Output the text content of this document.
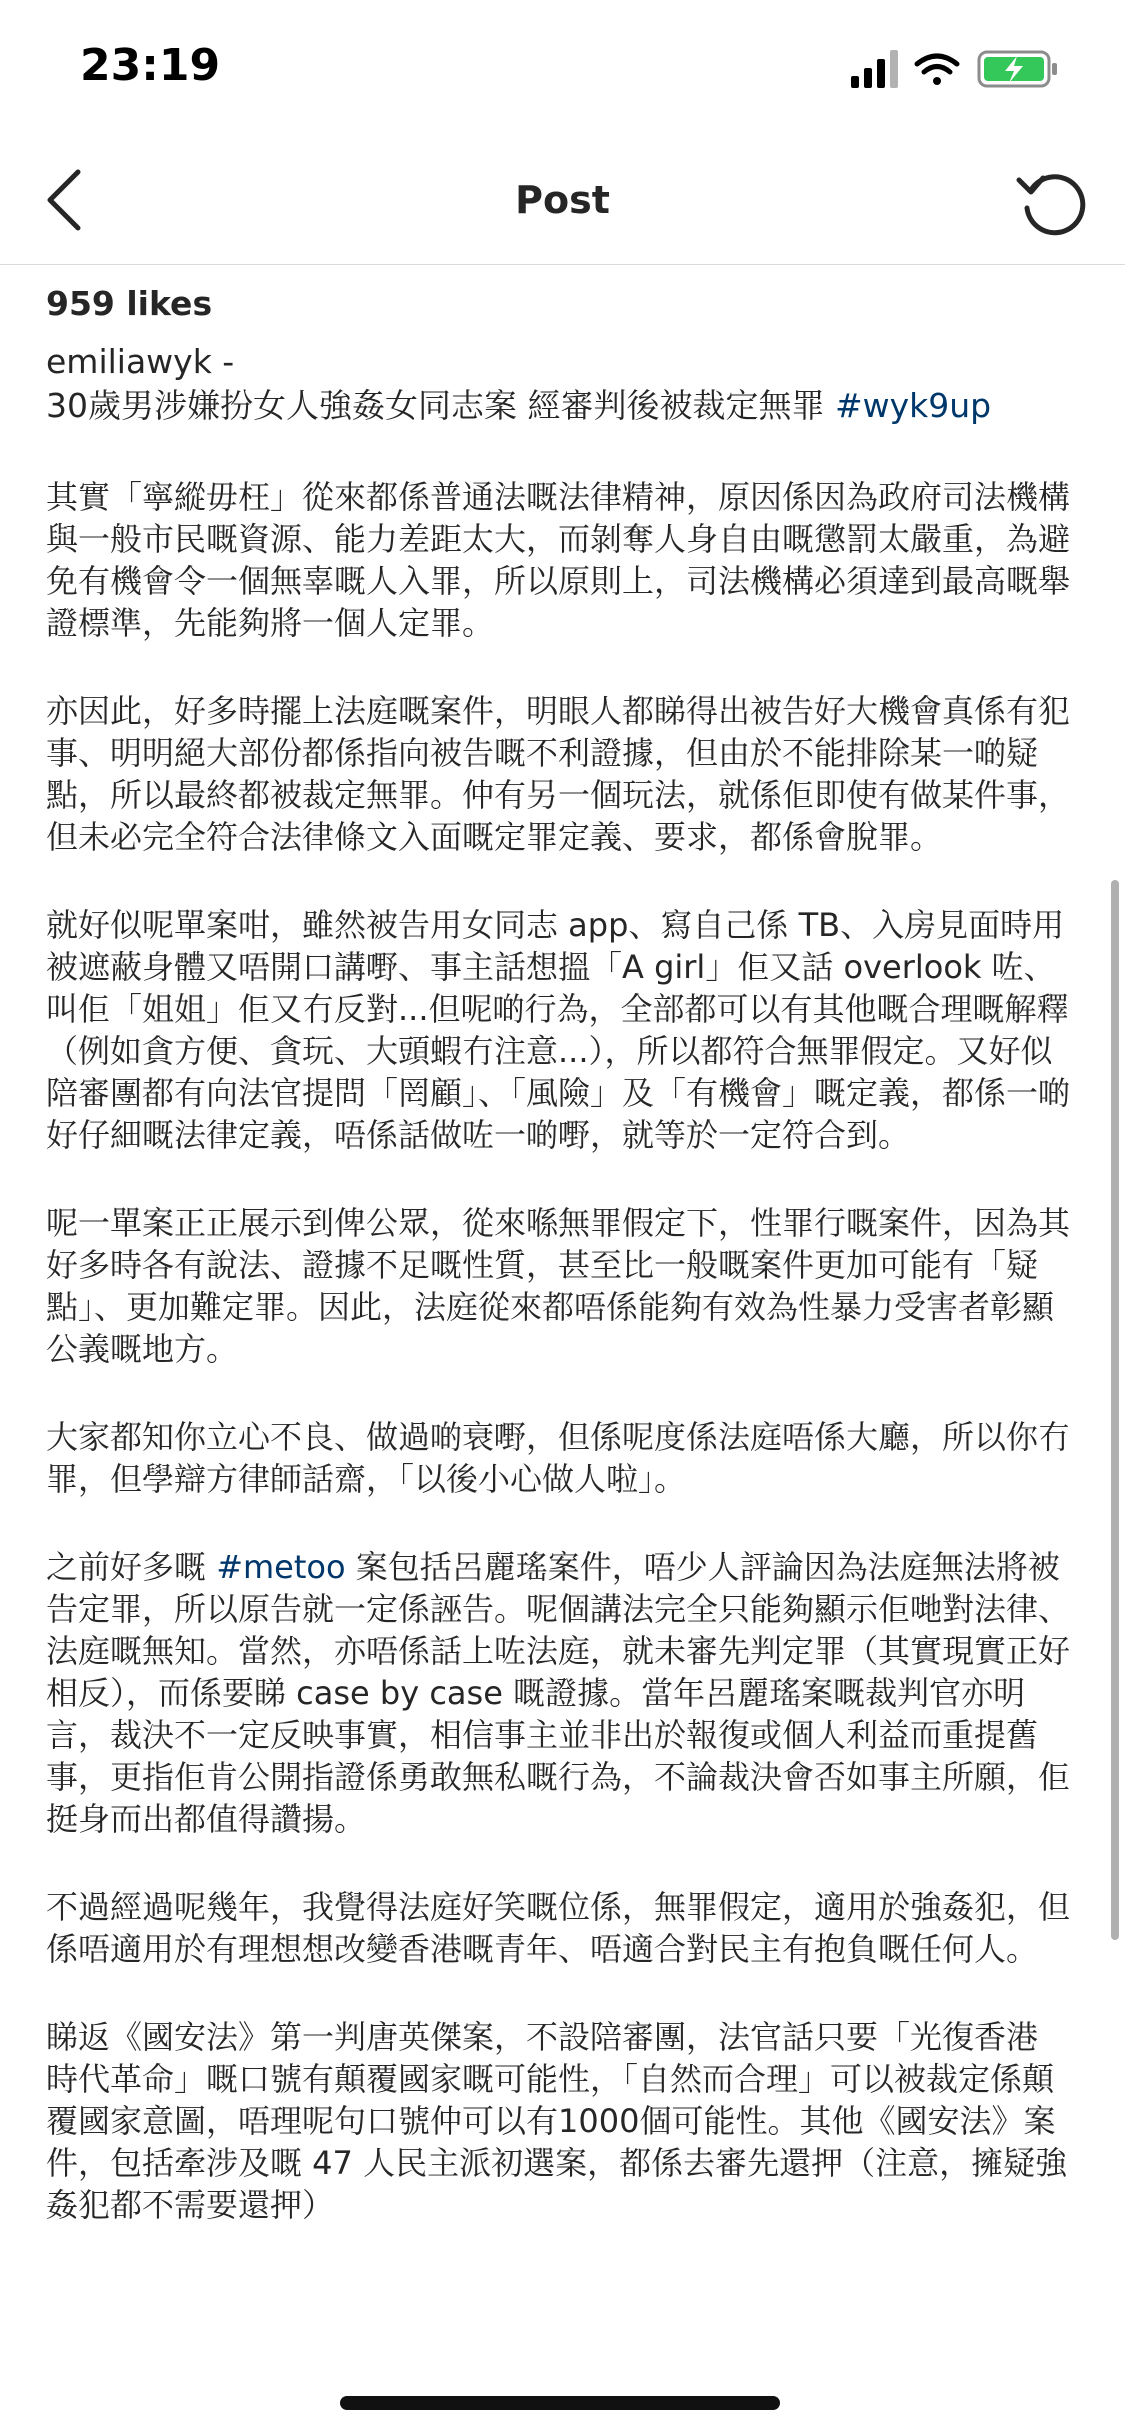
23:19
Post
959 likes
emiliawyk -
30歲男涉嫌扮女人強姦女同志案 經審判後被裁定無罪 #wyk9up

其實「寧縱毋枉」從來都係普通法嘅法律精神，原因係因為政府司法機構與一般市民嘅資源、能力差距太大，而剝奪人身自由嘅懲罰太嚴重，為避免有機會令一個無辜嘅人入罪，所以原則上，司法機構必須達到最高嘅舉證標準，先能夠將一個人定罪。

亦因此，好多時擺上法庭嘅案件，明眼人都睇得出被告好大機會真係有犯事、明明絕大部份都係指向被告嘅不利證據，但由於不能排除某一啲疑點，所以最終都被裁定無罪。仲有另一個玩法，就係佢即使有做某件事，但未必完全符合法律條文入面嘅定罪定義、要求，都係會脫罪。

就好似呢單案咁，雖然被告用女同志 app、寫自己係 TB、入房見面時用被遮蔽身體又唔開口講嘢、事主話想搵「A girl」佢又話 overlook 咗、叫佢「姐姐」佢又冇反對...但呢啲行為，全部都可以有其他嘅合理嘅解釋（例如貪方便、貪玩、大頭蝦冇注意...），所以都符合無罪假定。又好似陪審團都有向法官提問「罔顧」、「風險」及「有機會」嘅定義，都係一啲好仔細嘅法律定義，唔係話做咗一啲嘢，就等於一定符合到。

呢一單案正正展示到俾公眾，從來喺無罪假定下，性罪行嘅案件，因為其好多時各有說法、證據不足嘅性質，甚至比一般嘅案件更加可能有「疑點」、更加難定罪。因此，法庭從來都唔係能夠有效為性暴力受害者彰顯公義嘅地方。

大家都知你立心不良、做過啲衰嘢，但係呢度係法庭唔係大廳，所以你冇罪，但學辯方律師話齋，「以後小心做人啦」。

之前好多嘅 #metoo 案包括呂麗瑤案件，唔少人評論因為法庭無法將被告定罪，所以原告就一定係誣告。呢個講法完全只能夠顯示佢哋對法律、法庭嘅無知。當然，亦唔係話上咗法庭，就未審先判定罪（其實現實正好相反），而係要睇 case by case 嘅證據。當年呂麗瑤案嘅裁判官亦明言，裁決不一定反映事實，相信事主並非出於報復或個人利益而重提舊事，更指佢肯公開指證係勇敢無私嘅行為，不論裁決會否如事主所願，佢挺身而出都值得讚揚。

不過經過呢幾年，我覺得法庭好笑嘅位係，無罪假定，適用於強姦犯，但係唔適用於有理想想改變香港嘅青年、唔適合對民主有抱負嘅任何人。

睇返《國安法》第一判唐英傑案，不設陪審團，法官話只要「光復香港 時代革命」嘅口號有顛覆國家嘅可能性，「自然而合理」可以被裁定係顛覆國家意圖，唔理呢句口號仲可以有1000個可能性。其他《國安法》案件，包括牽涉及嘅 47 人民主派初選案，都係去審先還押（注意，擁疑強姦犯都不需要還押）
